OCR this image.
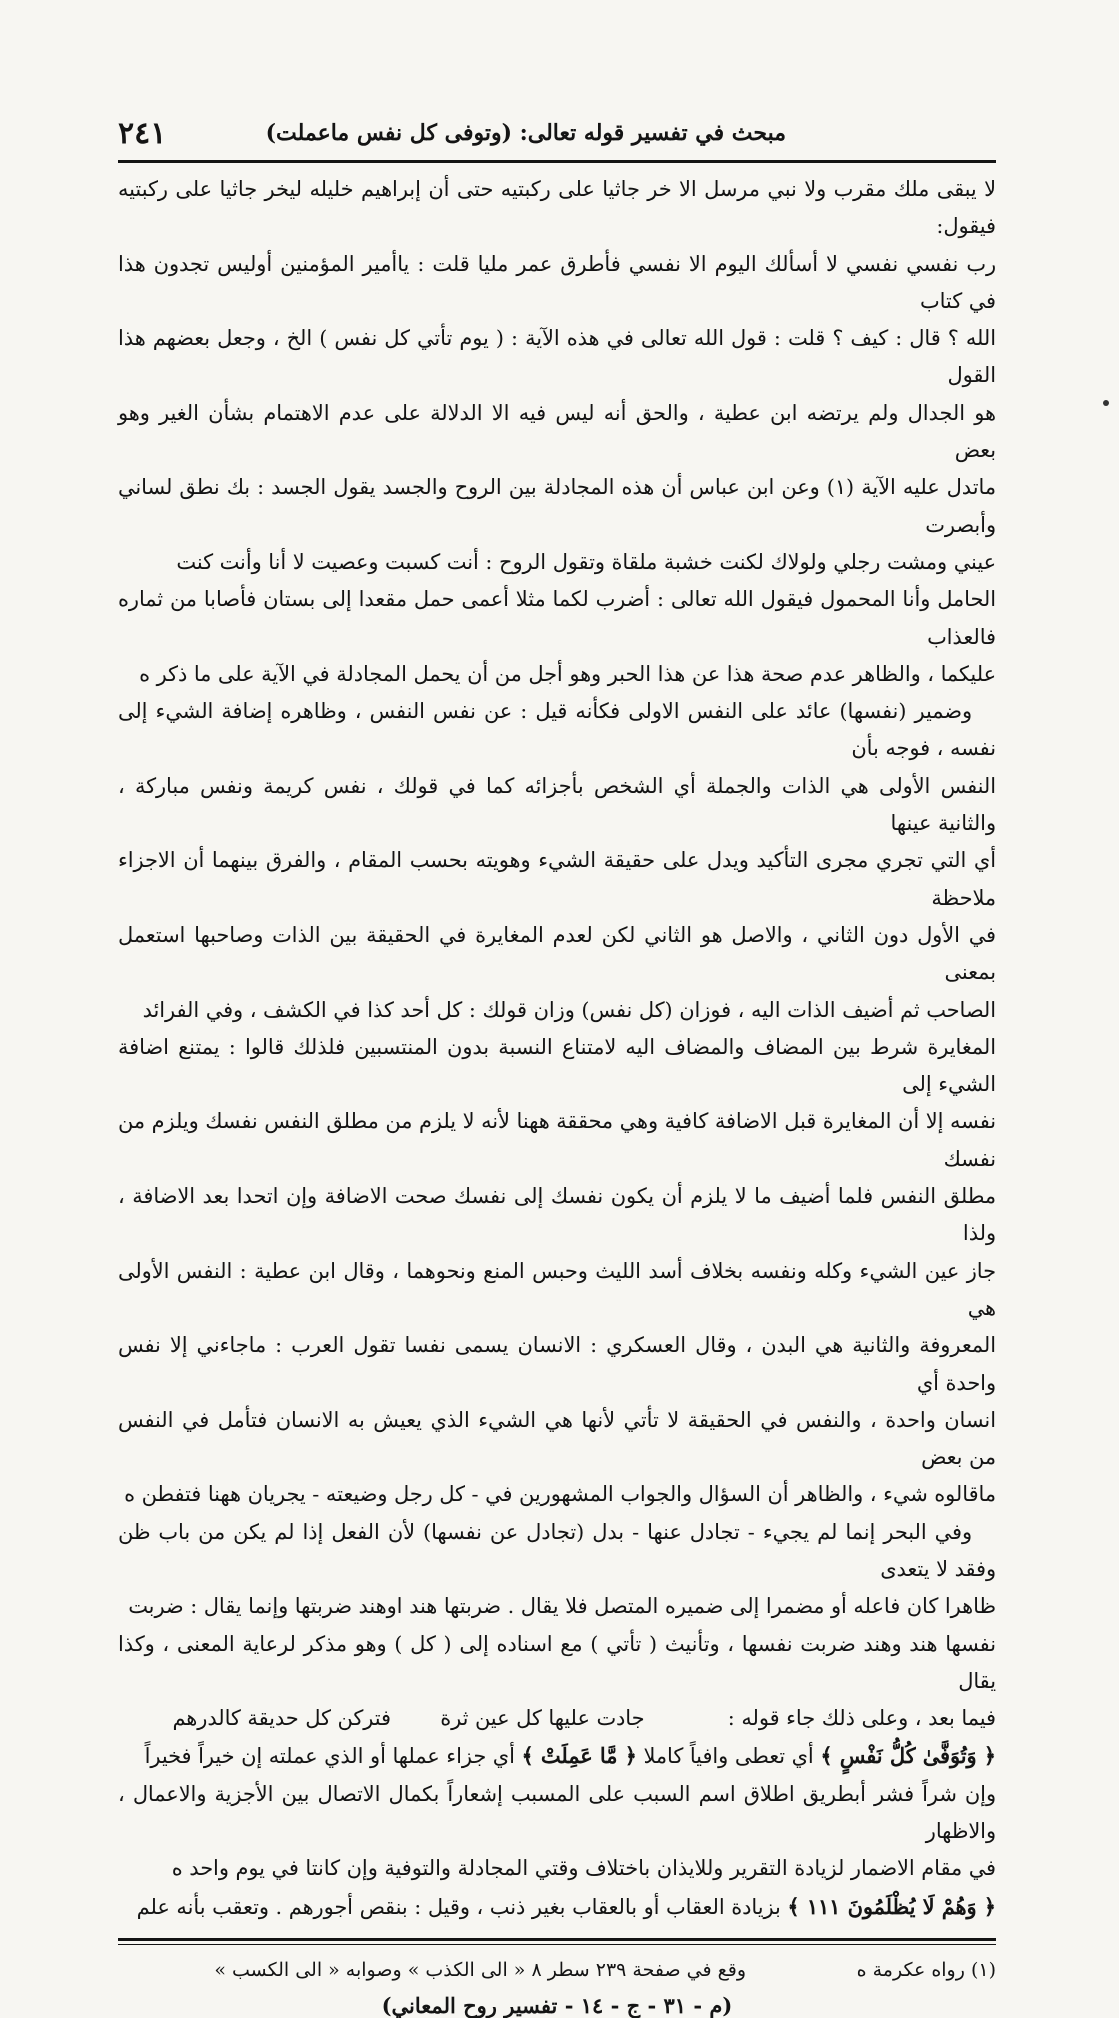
٢٤١	مبحث في تفسير قوله تعالى: (وتوفى كل نفس ماعملت)

لا يبقى ملك مقرب ولا نبي مرسل الا خر جاثيا على ركبتيه حتى أن إبراهيم خليله ليخر جاثيا على ركبتيه فيقول:

رب نفسي نفسي لا أسألك اليوم الا نفسي فأطرق عمر مليا قلت : ياأمير المؤمنين أوليس تجدون هذا في كتاب

الله ؟ قال : كيف ؟ قلت : قول الله تعالى في هذه الآية : ( يوم تأتي كل نفس ) الخ ، وجعل بعضهم هذا القول

هو الجدال ولم يرتضه ابن عطية ، والحق أنه ليس فيه الا الدلالة على عدم الاهتمام بشأن الغير وهو بعض

ماتدل عليه الآية (١) وعن ابن عباس أن هذه المجادلة بين الروح والجسد يقول الجسد : بك نطق لساني وأبصرت

عيني ومشت رجلي ولولاك لكنت خشبة ملقاة وتقول الروح : أنت كسبت وعصيت لا أنا وأنت كنت

الحامل وأنا المحمول فيقول الله تعالى : أضرب لكما مثلا أعمى حمل مقعدا إلى بستان فأصابا من ثماره فالعذاب

عليكما ، والظاهر عدم صحة هذا عن هذا الحبر وهو أجل من أن يحمل المجادلة في الآية على ما ذكر ه

وضمير (نفسها) عائد على النفس الاولى فكأنه قيل : عن نفس النفس ، وظاهره إضافة الشيء إلى نفسه ، فوجه بأن

النفس الأولى هي الذات والجملة أي الشخص بأجزائه كما في قولك ، نفس كريمة ونفس مباركة ، والثانية عينها

أي التي تجري مجرى التأكيد ويدل على حقيقة الشيء وهويته بحسب المقام ، والفرق بينهما أن الاجزاء ملاحظة

في الأول دون الثاني ، والاصل هو الثاني لكن لعدم المغايرة في الحقيقة بين الذات وصاحبها استعمل بمعنى

الصاحب ثم أضيف الذات اليه ، فوزان (كل نفس) وزان قولك : كل أحد كذا في الكشف ، وفي الفرائد

المغايرة شرط بين المضاف والمضاف اليه لامتناع النسبة بدون المنتسبين فلذلك قالوا : يمتنع اضافة الشيء إلى

نفسه إلا أن المغايرة قبل الاضافة كافية وهي محققة ههنا لأنه لا يلزم من مطلق النفس نفسك ويلزم من نفسك

مطلق النفس فلما أضيف ما لا يلزم أن يكون نفسك إلى نفسك صحت الاضافة وإن اتحدا بعد الاضافة ، ولذا

جاز عين الشيء وكله ونفسه بخلاف أسد الليث وحبس المنع ونحوهما ، وقال ابن عطية : النفس الأولى هي

المعروفة والثانية هي البدن ، وقال العسكري : الانسان يسمى نفسا تقول العرب : ماجاءني إلا نفس واحدة أي

انسان واحدة ، والنفس في الحقيقة لا تأتي لأنها هي الشيء الذي يعيش به الانسان فتأمل في النفس من بعض

ماقالوه شيء ، والظاهر أن السؤال والجواب المشهورين في - كل رجل وضيعته - يجريان ههنا فتفطن ه

وفي البحر إنما لم يجيء - تجادل عنها - بدل (تجادل عن نفسها) لأن الفعل إذا لم يكن من باب ظن وفقد لا يتعدى

ظاهرا كان فاعله أو مضمرا إلى ضميره المتصل فلا يقال . ضربتها هند اوهند ضربتها وإنما يقال : ضربت

نفسها هند وهند ضربت نفسها ، وتأنيث ( تأتي ) مع اسناده إلى ( كل ) وهو مذكر لرعاية المعنى ، وكذا يقال

فيما بعد ، وعلى ذلك جاء قوله :  جادت عليها كل عين ثرة  فتركن كل حديقة كالدرهم

﴿ وَتُوَفَّىٰ كُلُّ نَفْسٍ ﴾ أي تعطى وافياً كاملا ﴿ مَّا عَمِلَتْ ﴾ أي جزاء عملها أو الذي عملته إن خيراً فخيراً

وإن شراً فشر أبطريق اطلاق اسم السبب على المسبب إشعاراً بكمال الاتصال بين الأجزية والاعمال ، والاظهار

في مقام الاضمار لزيادة التقرير وللايذان باختلاف وقتي المجادلة والتوفية وإن كانتا في يوم واحد ه

﴿ وَهُمْ لَا يُظْلَمُونَ ١١١ ﴾ بزيادة العقاب أو بالعقاب بغير ذنب ، وقيل : بنقص أجورهم . وتعقب بأنه علم

(١) رواه عكرمة ه
وقع في صفحة ٢٣٩ سطر ٨ « الى الكذب » وصوابه « الى الكسب »
(م - ٣١ - ج - ١٤ - تفسير روح المعاني)
